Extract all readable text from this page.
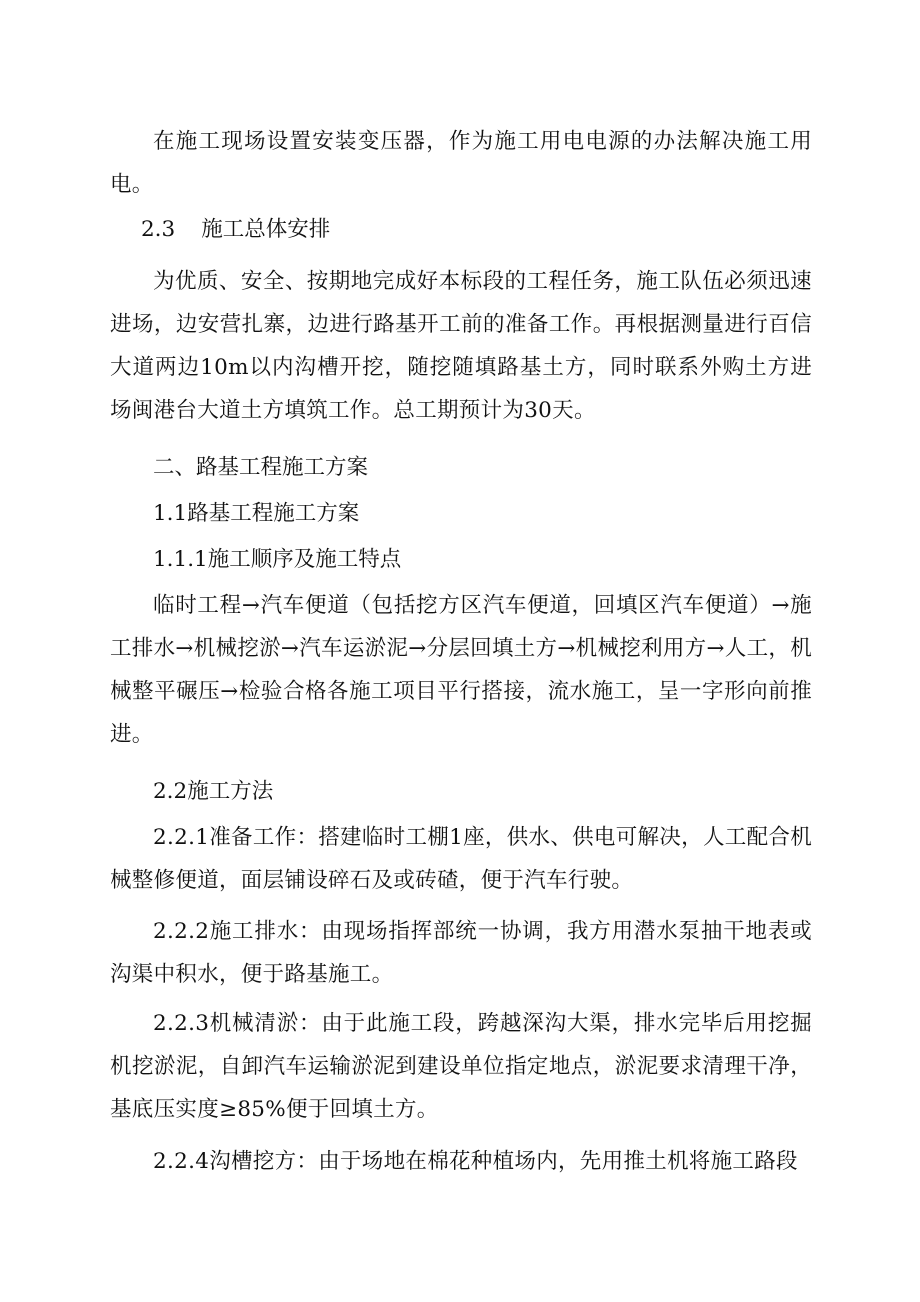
在施工现场设置安装变压器，作为施工用电电源的办法解决施工用电。

2.3 施工总体安排

为优质、安全、按期地完成好本标段的工程任务，施工队伍必须迅速进场，边安营扎寨，边进行路基开工前的准备工作。再根据测量进行百信大道两边10m以内沟槽开挖，随挖随填路基土方，同时联系外购土方进场闽港台大道土方填筑工作。总工期预计为30天。

二、路基工程施工方案

1.1路基工程施工方案

1.1.1施工顺序及施工特点

临时工程→汽车便道（包括挖方区汽车便道，回填区汽车便道）→施工排水→机械挖淤→汽车运淤泥→分层回填土方→机械挖利用方→人工，机械整平碾压→检验合格各施工项目平行搭接，流水施工，呈一字形向前推进。

2.2施工方法

2.2.1准备工作：搭建临时工棚1座，供水、供电可解决，人工配合机械整修便道，面层铺设碎石及或砖碴，便于汽车行驶。

2.2.2施工排水：由现场指挥部统一协调，我方用潜水泵抽干地表或沟渠中积水，便于路基施工。

2.2.3机械清淤：由于此施工段，跨越深沟大渠，排水完毕后用挖掘机挖淤泥，自卸汽车运输淤泥到建设单位指定地点，淤泥要求清理干净，基底压实度≥85%便于回填土方。

2.2.4沟槽挖方：由于场地在棉花种植场内，先用推土机将施工路段
